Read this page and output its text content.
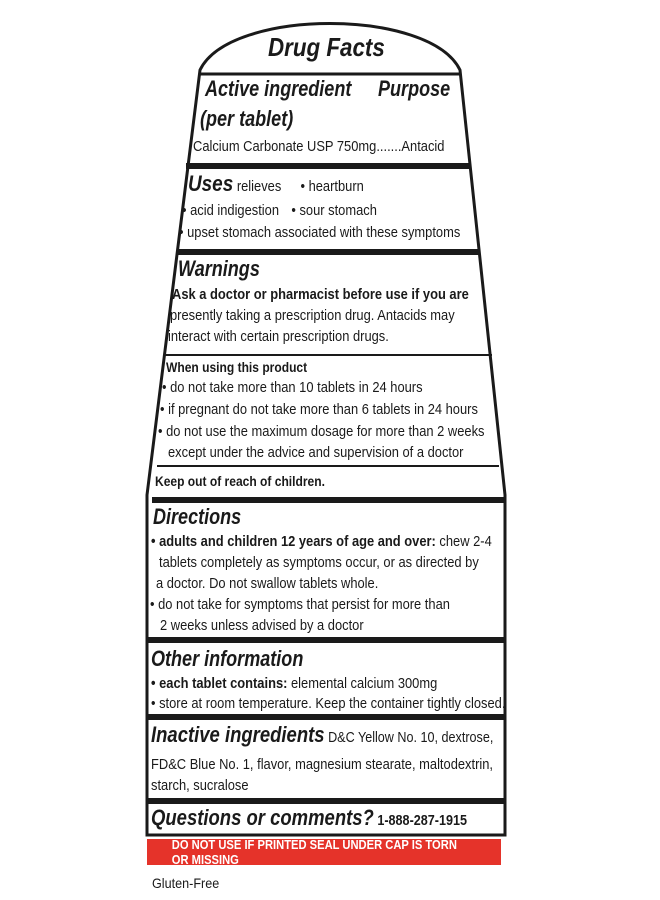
Drug Facts
Active ingredient	Purpose
(per tablet)
Calcium Carbonate USP 750mg.......Antacid
Uses relieves • heartburn
• acid indigestion • sour stomach
• upset stomach associated with these symptoms
Warnings
Ask a doctor or pharmacist before use if you are
presently taking a prescription drug. Antacids may
interact with certain prescription drugs.
When using this product
• do not take more than 10 tablets in 24 hours
• if pregnant do not take more than 6 tablets in 24 hours
• do not use the maximum dosage for more than 2 weeks
except under the advice and supervision of a doctor
Keep out of reach of children.
Directions
• adults and children 12 years of age and over: chew 2-4
tablets completely as symptoms occur, or as directed by
a doctor. Do not swallow tablets whole.
• do not take for symptoms that persist for more than
2 weeks unless advised by a doctor
Other information
• each tablet contains: elemental calcium 300mg
• store at room temperature. Keep the container tightly closed.
Inactive ingredients D&C Yellow No. 10, dextrose,
FD&C Blue No. 1, flavor, magnesium stearate, maltodextrin,
starch, sucralose
Questions or comments? 1-888-287-1915
DO NOT USE IF PRINTED SEAL UNDER CAP IS TORN OR MISSING
Gluten-Free
